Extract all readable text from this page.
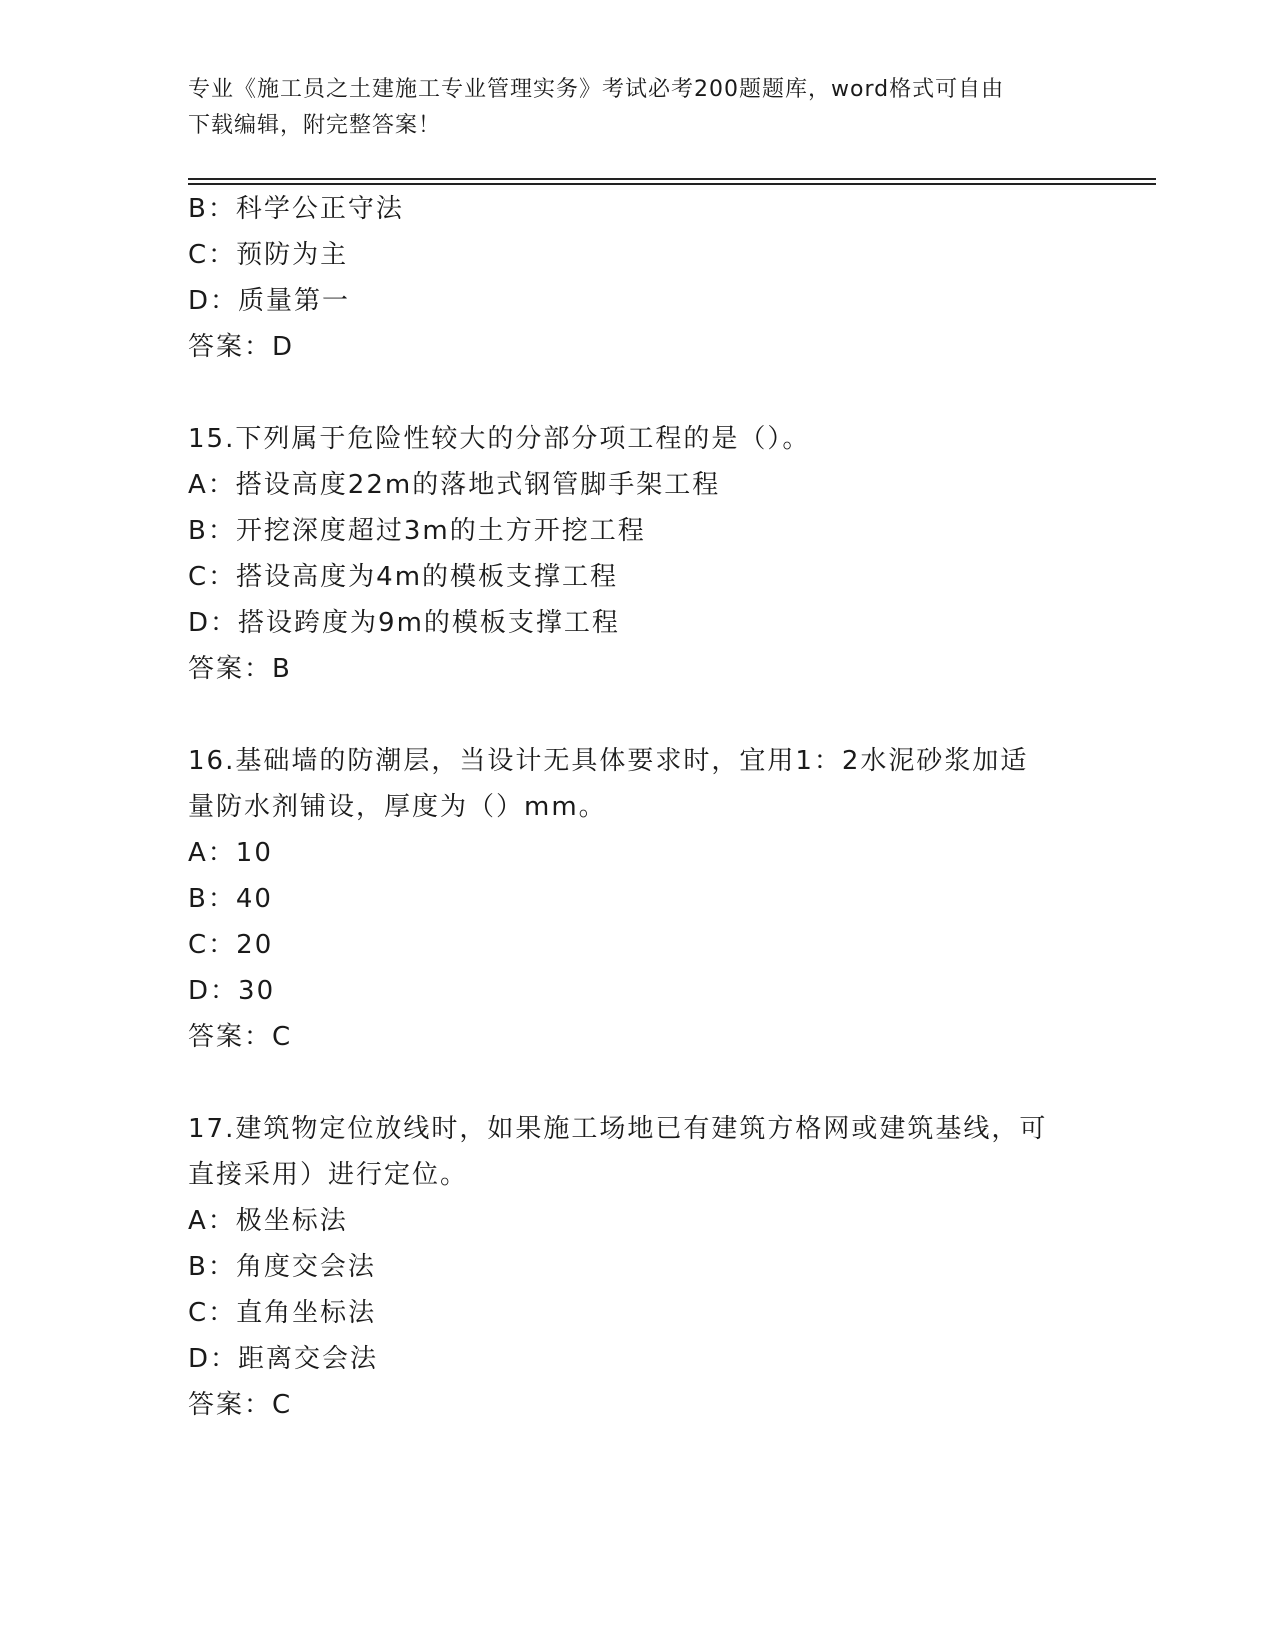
专业《施工员之土建施工专业管理实务》考试必考200题题库，word格式可自由
下载编辑，附完整答案！
B：科学公正守法
C：预防为主
D：质量第一
答案：D
15.下列属于危险性较大的分部分项工程的是（）。
A：搭设高度22m的落地式钢管脚手架工程
B：开挖深度超过3m的土方开挖工程
C：搭设高度为4m的模板支撑工程
D：搭设跨度为9m的模板支撑工程
答案：B
16.基础墙的防潮层，当设计无具体要求时，宜用1：2水泥砂浆加适
量防水剂铺设，厚度为（）mm。
A：10
B：40
C：20
D：30
答案：C
17.建筑物定位放线时，如果施工场地已有建筑方格网或建筑基线，可
直接采用）进行定位。
A：极坐标法
B：角度交会法
C：直角坐标法
D：距离交会法
答案：C
